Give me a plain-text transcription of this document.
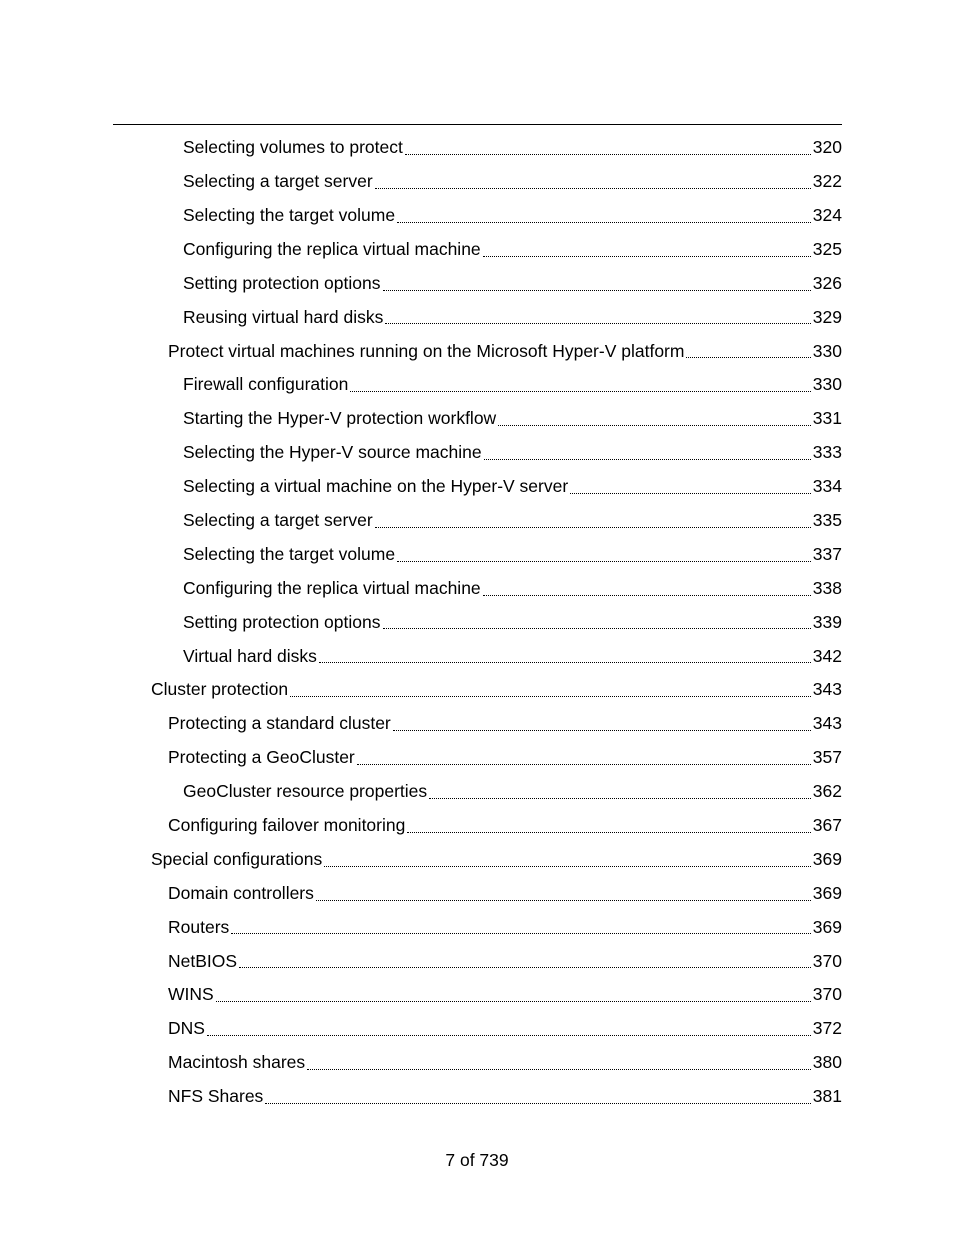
Selecting volumes to protect	320
Selecting a target server	322
Selecting the target volume	324
Configuring the replica virtual machine	325
Setting protection options	326
Reusing virtual hard disks	329
Protect virtual machines running on the Microsoft Hyper-V platform	330
Firewall configuration	330
Starting the Hyper-V protection workflow	331
Selecting the Hyper-V source machine	333
Selecting a virtual machine on the Hyper-V server	334
Selecting a target server	335
Selecting the target volume	337
Configuring the replica virtual machine	338
Setting protection options	339
Virtual hard disks	342
Cluster protection	343
Protecting a standard cluster	343
Protecting a GeoCluster	357
GeoCluster resource properties	362
Configuring failover monitoring	367
Special configurations	369
Domain controllers	369
Routers	369
NetBIOS	370
WINS	370
DNS	372
Macintosh shares	380
NFS Shares	381
7 of 739
